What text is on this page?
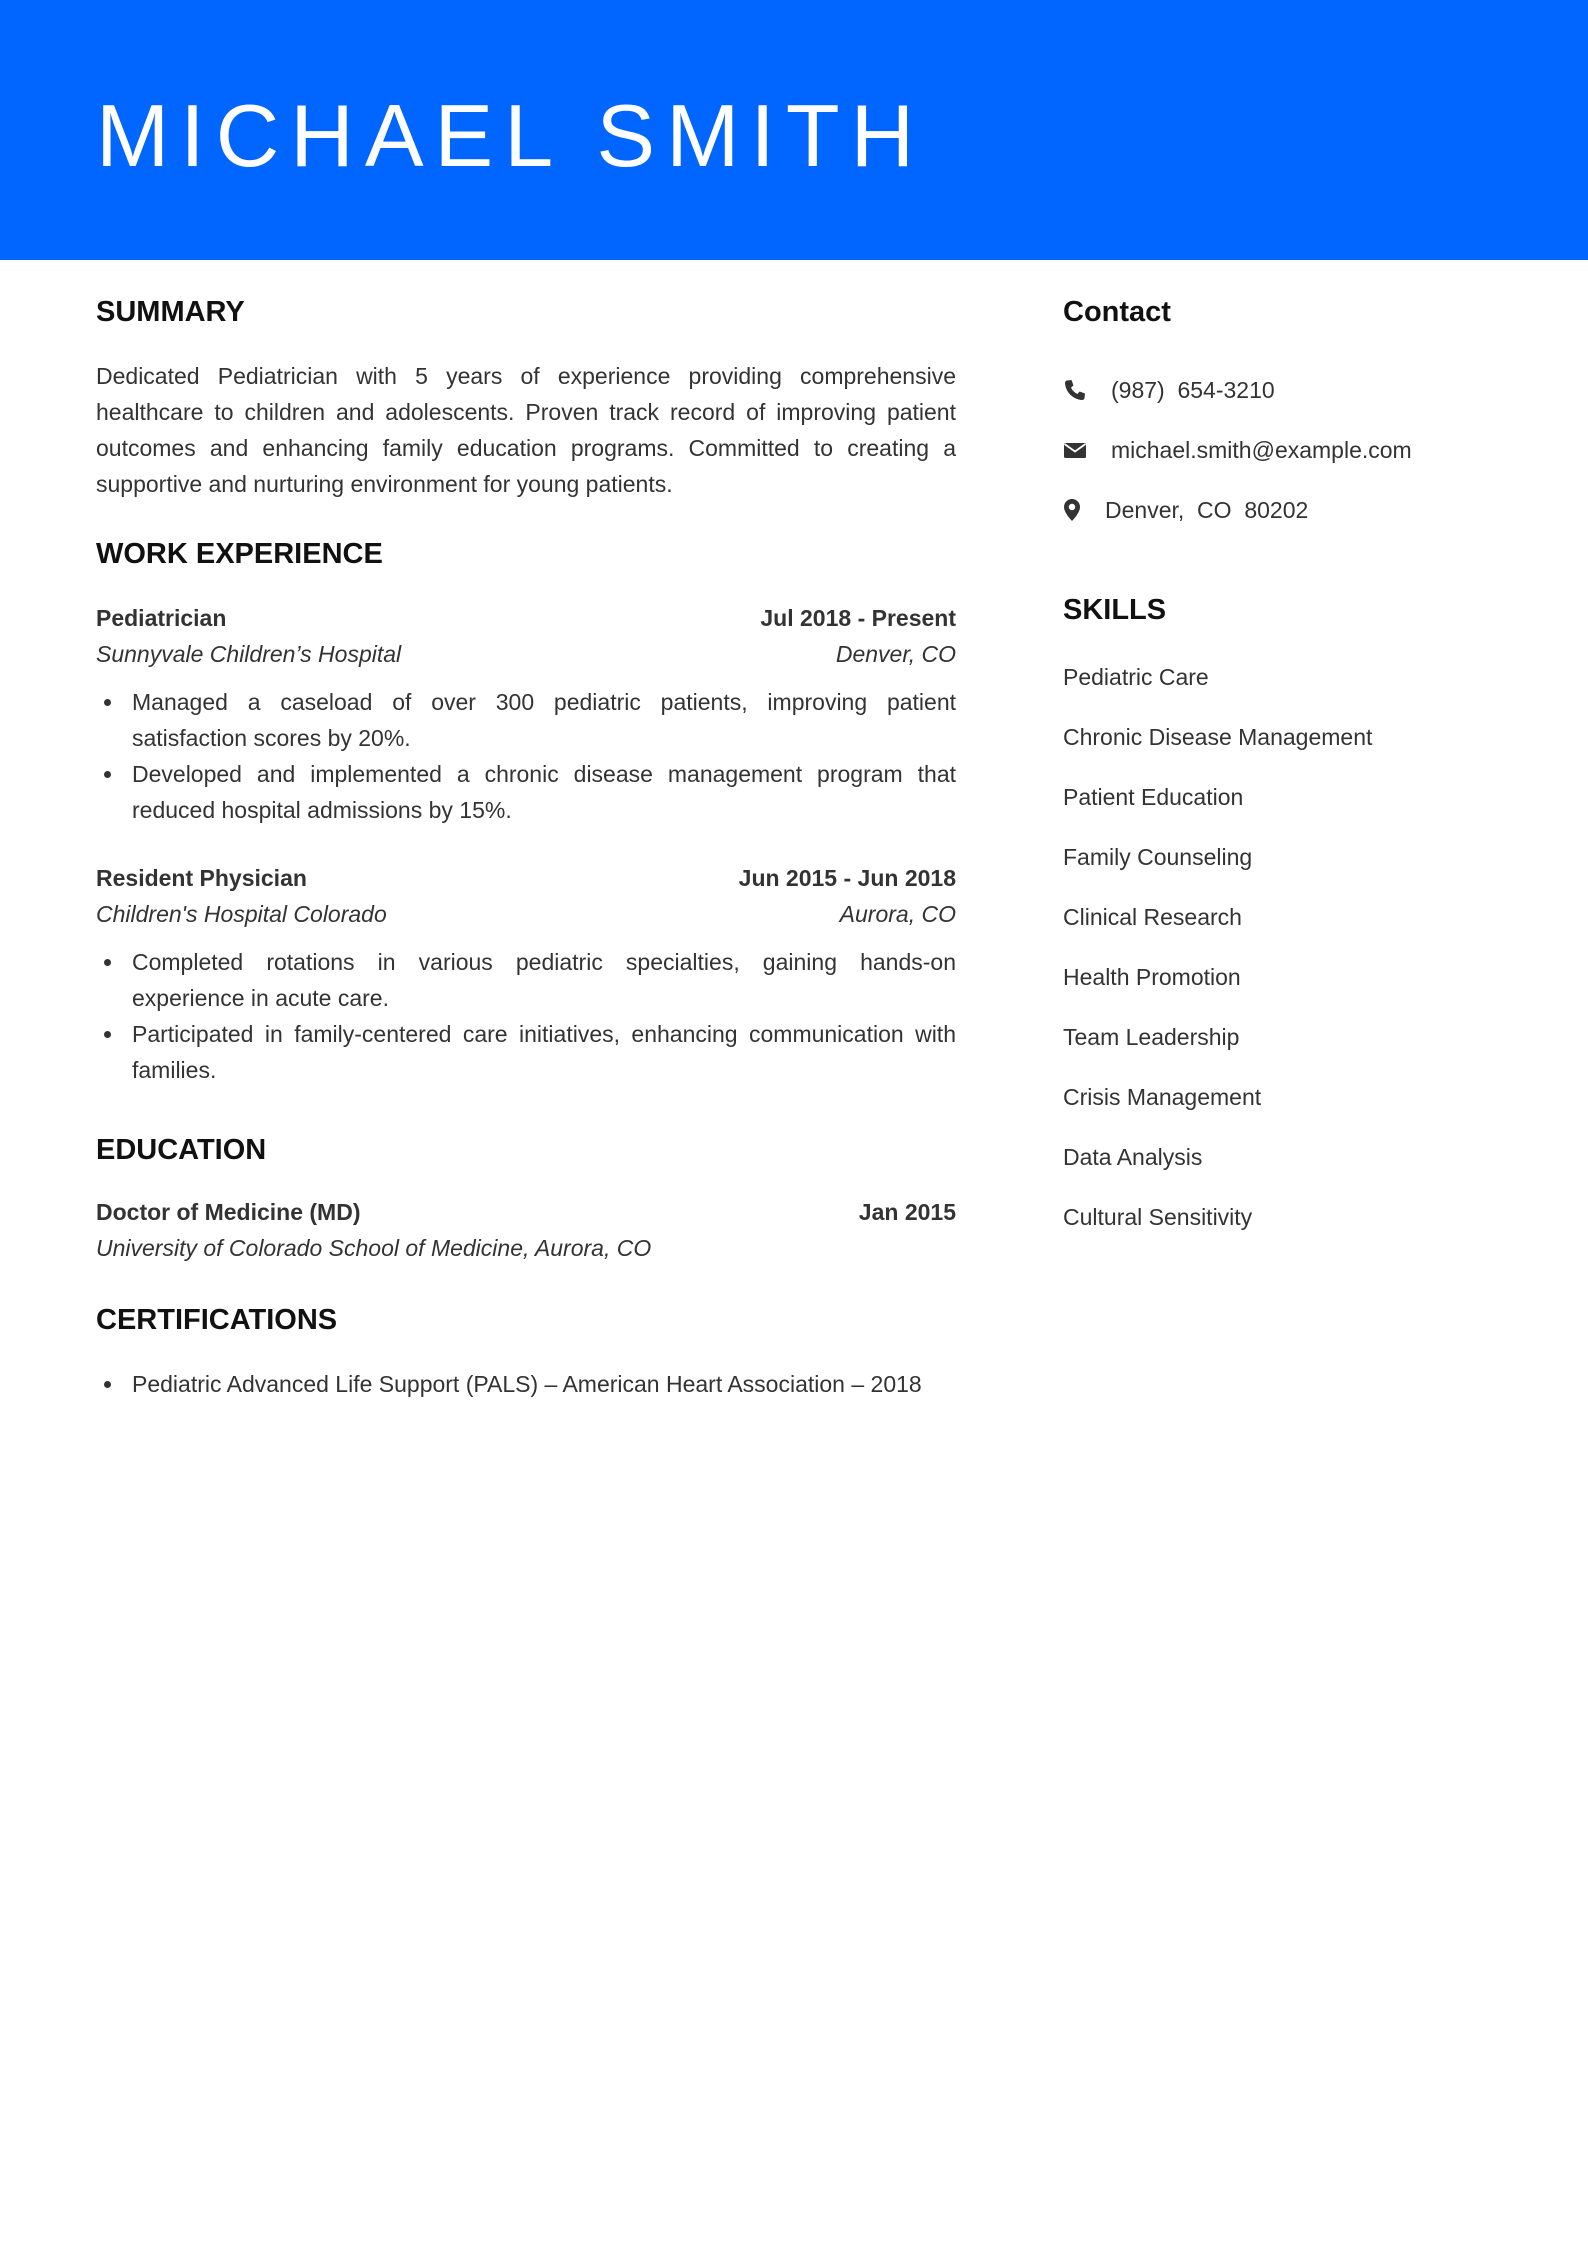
MICHAEL SMITH
SUMMARY
Dedicated Pediatrician with 5 years of experience providing comprehensive healthcare to children and adolescents. Proven track record of improving patient outcomes and enhancing family education programs. Committed to creating a supportive and nurturing environment for young patients.
WORK EXPERIENCE
Pediatrician	Jul 2018 - Present
Sunnyvale Children’s Hospital	Denver, CO
Managed a caseload of over 300 pediatric patients, improving patient satisfaction scores by 20%.
Developed and implemented a chronic disease management program that reduced hospital admissions by 15%.
Resident Physician	Jun 2015 - Jun 2018
Children's Hospital Colorado	Aurora, CO
Completed rotations in various pediatric specialties, gaining hands-on experience in acute care.
Participated in family-centered care initiatives, enhancing communication with families.
EDUCATION
Doctor of Medicine (MD)	Jan 2015
University of Colorado School of Medicine, Aurora, CO
CERTIFICATIONS
Pediatric Advanced Life Support (PALS) – American Heart Association – 2018
Contact
(987)  654-3210
michael.smith@example.com
Denver,  CO  80202
SKILLS
Pediatric Care
Chronic Disease Management
Patient Education
Family Counseling
Clinical Research
Health Promotion
Team Leadership
Crisis Management
Data Analysis
Cultural Sensitivity
